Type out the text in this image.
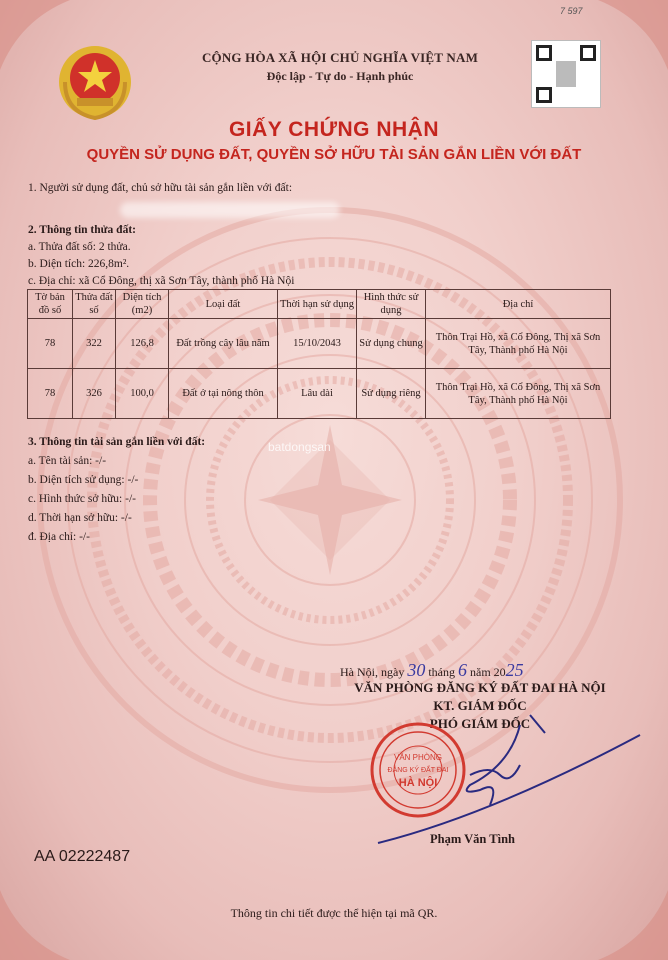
7 597
CỘNG HÒA XÃ HỘI CHỦ NGHĨA VIỆT NAM
Độc lập - Tự do - Hạnh phúc
GIẤY CHỨNG NHẬN
QUYỀN SỬ DỤNG ĐẤT, QUYỀN SỞ HỮU TÀI SẢN GẮN LIỀN VỚI ĐẤT
1. Người sử dụng đất, chủ sở hữu tài sản gắn liền với đất:
2. Thông tin thửa đất:
a. Thửa đất số: 2 thửa.
b. Diện tích: 226,8m².
c. Địa chỉ: xã Cổ Đông, thị xã Sơn Tây, thành phố Hà Nội
Tờ bản đồ số	Thửa đất số	Diện tích (m2)	Loại đất	Thời hạn sử dụng	Hình thức sử dụng	Địa chỉ
78	322	126,8	Đất trồng cây lâu năm	15/10/2043	Sử dụng chung	Thôn Trại Hồ, xã Cổ Đông, Thị xã Sơn Tây, Thành phố Hà Nội
78	326	100,0	Đất ở tại nông thôn	Lâu dài	Sử dụng riêng	Thôn Trại Hồ, xã Cổ Đông, Thị xã Sơn Tây, Thành phố Hà Nội
3. Thông tin tài sản gắn liền với đất:
a. Tên tài sản: -/-
b. Diện tích sử dụng: -/-
c. Hình thức sở hữu: -/-
d. Thời hạn sở hữu: -/-
đ. Địa chỉ: -/-
batdongsan
Hà Nội, ngày 30 tháng 6 năm 2025
VĂN PHÒNG ĐĂNG KÝ ĐẤT ĐAI HÀ NỘI
KT. GIÁM ĐỐC
PHÓ GIÁM ĐỐC
VĂN PHÒNG
ĐĂNG KÝ ĐẤT ĐAI
HÀ NỘI
Phạm Văn Tình
AA 02222487
Thông tin chi tiết được thể hiện tại mã QR.
